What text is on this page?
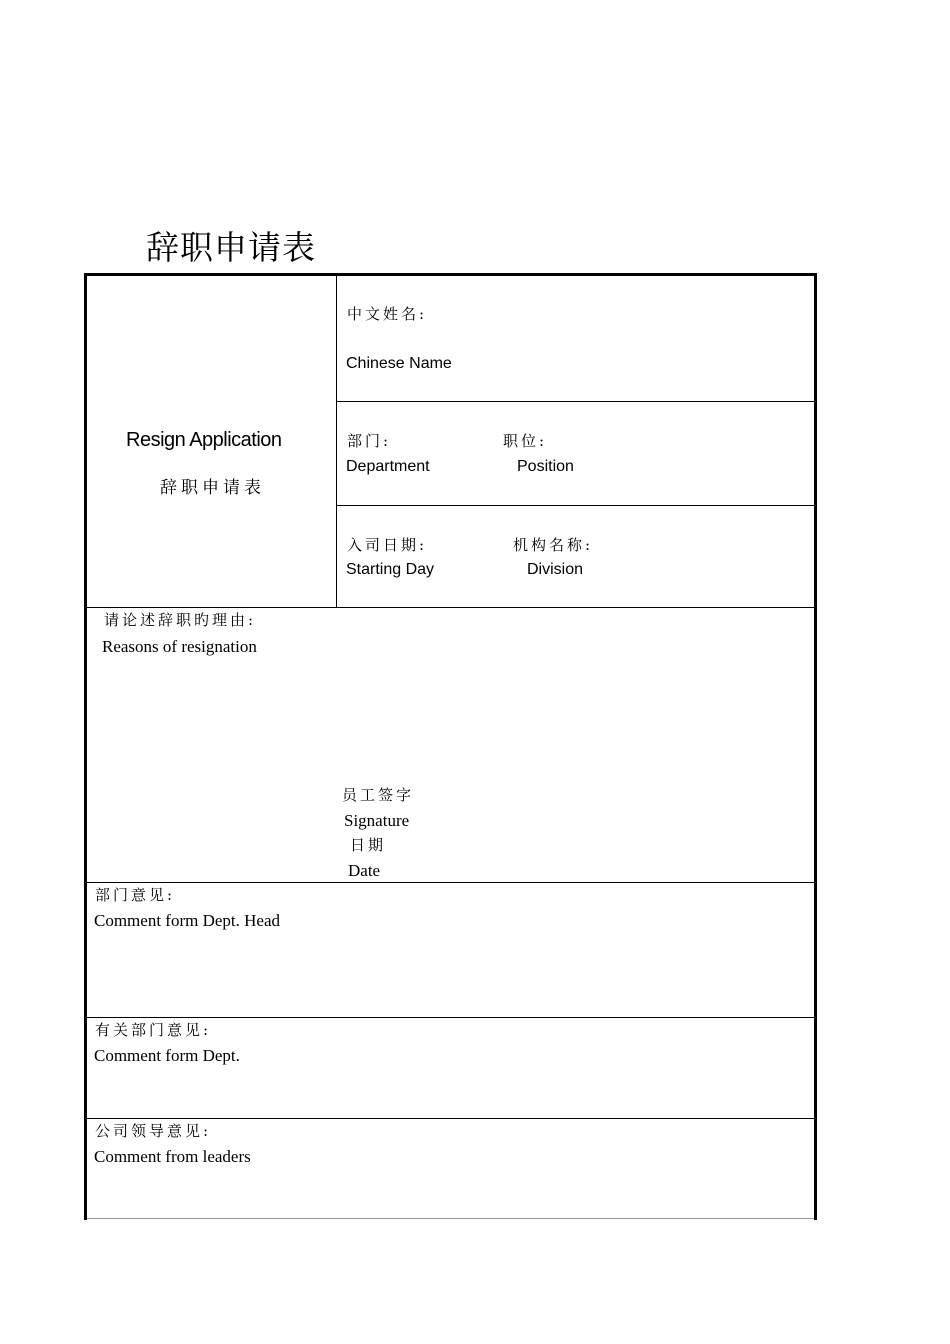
辞职申请表
Resign Application
辞职申请表
中文姓名:
Chinese Name
部门:
Department
职位:
Position
入司日期:
Starting Day
机构名称:
Division
请论述辞职旳理由:
Reasons of resignation
员工签字
Signature
日期
Date
部门意见:
Comment form Dept. Head
有关部门意见:
Comment form Dept.
公司领导意见:
Comment from leaders
